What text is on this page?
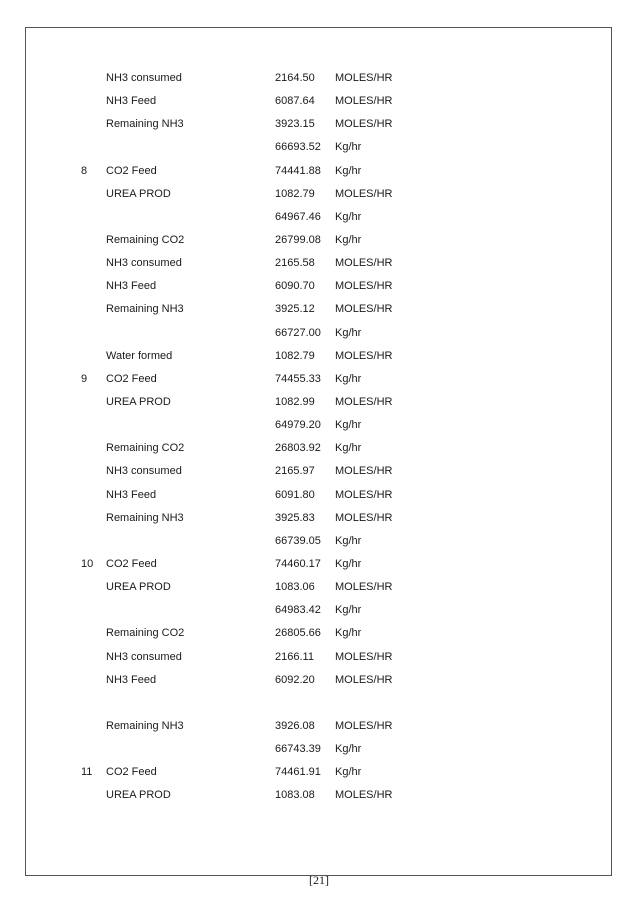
NH3 consumed	2164.50 MOLES/HR
NH3 Feed	6087.64 MOLES/HR
Remaining NH3	3923.15 MOLES/HR
66693.52 Kg/hr
8 CO2 Feed	74441.88 Kg/hr
UREA PROD	1082.79 MOLES/HR
64967.46 Kg/hr
Remaining CO2	26799.08 Kg/hr
NH3 consumed	2165.58 MOLES/HR
NH3 Feed	6090.70 MOLES/HR
Remaining NH3	3925.12 MOLES/HR
66727.00 Kg/hr
Water formed	1082.79 MOLES/HR
9 CO2 Feed	74455.33 Kg/hr
UREA PROD	1082.99 MOLES/HR
64979.20 Kg/hr
Remaining CO2	26803.92 Kg/hr
NH3 consumed	2165.97 MOLES/HR
NH3 Feed	6091.80 MOLES/HR
Remaining NH3	3925.83 MOLES/HR
66739.05 Kg/hr
10 CO2 Feed	74460.17 Kg/hr
UREA PROD	1083.06 MOLES/HR
64983.42 Kg/hr
Remaining CO2	26805.66 Kg/hr
NH3 consumed	2166.11 MOLES/HR
NH3 Feed	6092.20 MOLES/HR
Remaining NH3	3926.08 MOLES/HR
66743.39 Kg/hr
11 CO2 Feed	74461.91 Kg/hr
UREA PROD	1083.08 MOLES/HR
[21]
